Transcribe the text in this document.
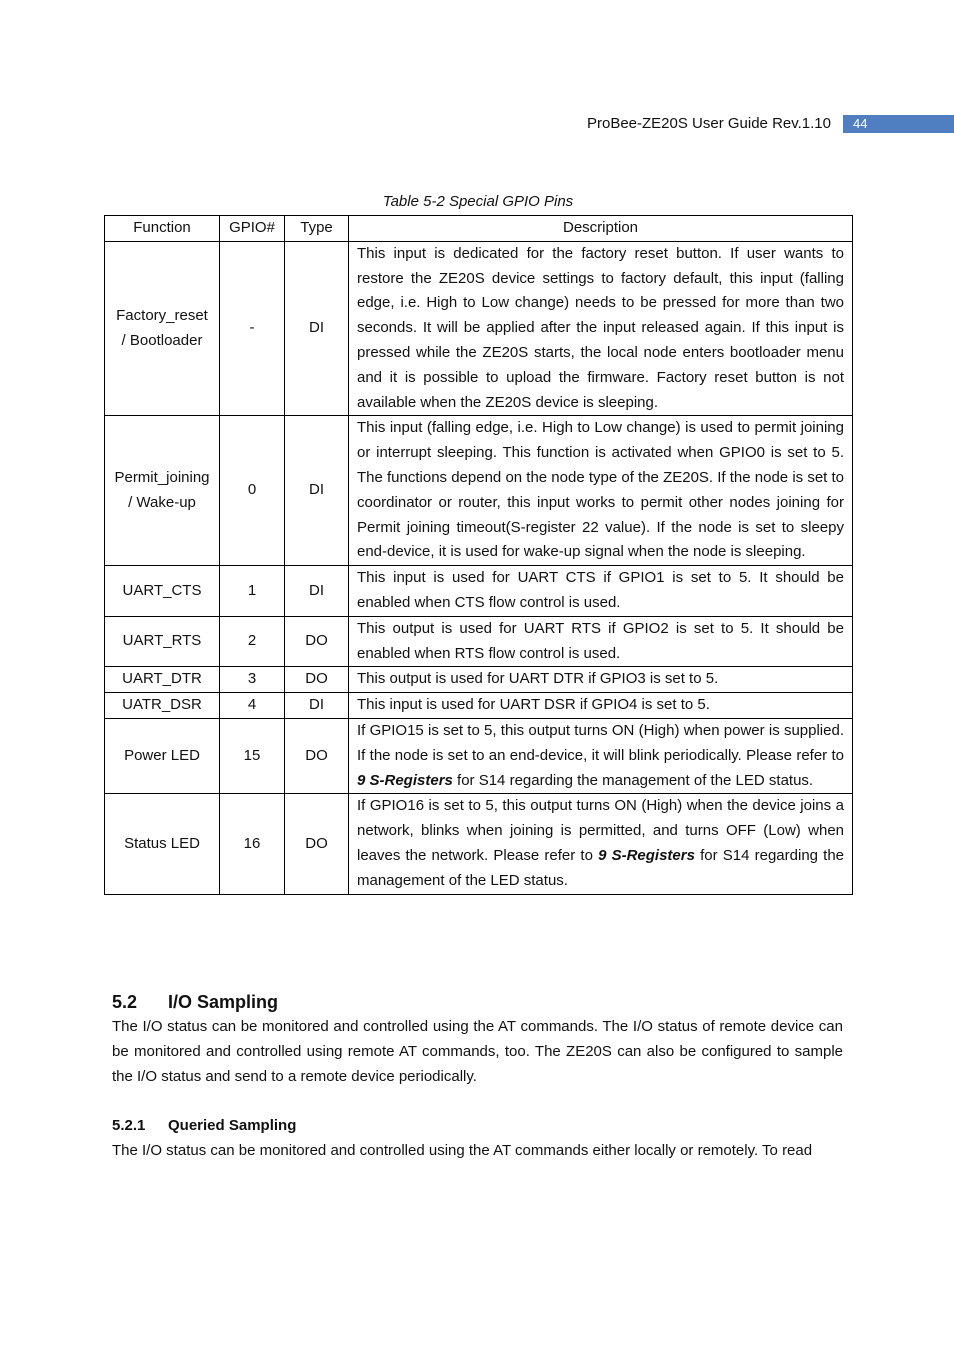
ProBee-ZE20S User Guide Rev.1.10	44
Table 5-2 Special GPIO Pins
Function	GPIO#	Type	Description
Factory_reset
/ Bootloader	-	DI	This input is dedicated for the factory reset button. If user wants to restore the ZE20S device settings to factory default, this input (falling edge, i.e. High to Low change) needs to be pressed for more than two seconds. It will be applied after the input released again. If this input is pressed while the ZE20S starts, the local node enters bootloader menu and it is possible to upload the firmware. Factory reset button is not available when the ZE20S device is sleeping.
Permit_joining
/ Wake-up	0	DI	This input (falling edge, i.e. High to Low change) is used to permit joining or interrupt sleeping. This function is activated when GPIO0 is set to 5. The functions depend on the node type of the ZE20S. If the node is set to coordinator or router, this input works to permit other nodes joining for Permit joining timeout(S-register 22 value). If the node is set to sleepy end-device, it is used for wake-up signal when the node is sleeping.
UART_CTS	1	DI	This input is used for UART CTS if GPIO1 is set to 5. It should be enabled when CTS flow control is used.
UART_RTS	2	DO	This output is used for UART RTS if GPIO2 is set to 5. It should be enabled when RTS flow control is used.
UART_DTR	3	DO	This output is used for UART DTR if GPIO3 is set to 5.
UATR_DSR	4	DI	This input is used for UART DSR if GPIO4 is set to 5.
Power LED	15	DO	If GPIO15 is set to 5, this output turns ON (High) when power is supplied. If the node is set to an end-device, it will blink periodically. Please refer to 9 S-Registers for S14 regarding the management of the LED status.
Status LED	16	DO	If GPIO16 is set to 5, this output turns ON (High) when the device joins a network, blinks when joining is permitted, and turns OFF (Low) when leaves the network. Please refer to 9 S-Registers for S14 regarding the management of the LED status.
5.2 I/O Sampling

The I/O status can be monitored and controlled using the AT commands. The I/O status of remote device can be monitored and controlled using remote AT commands, too. The ZE20S can also be configured to sample the I/O status and send to a remote device periodically.

5.2.1 Queried Sampling

The I/O status can be monitored and controlled using the AT commands either locally or remotely. To read
